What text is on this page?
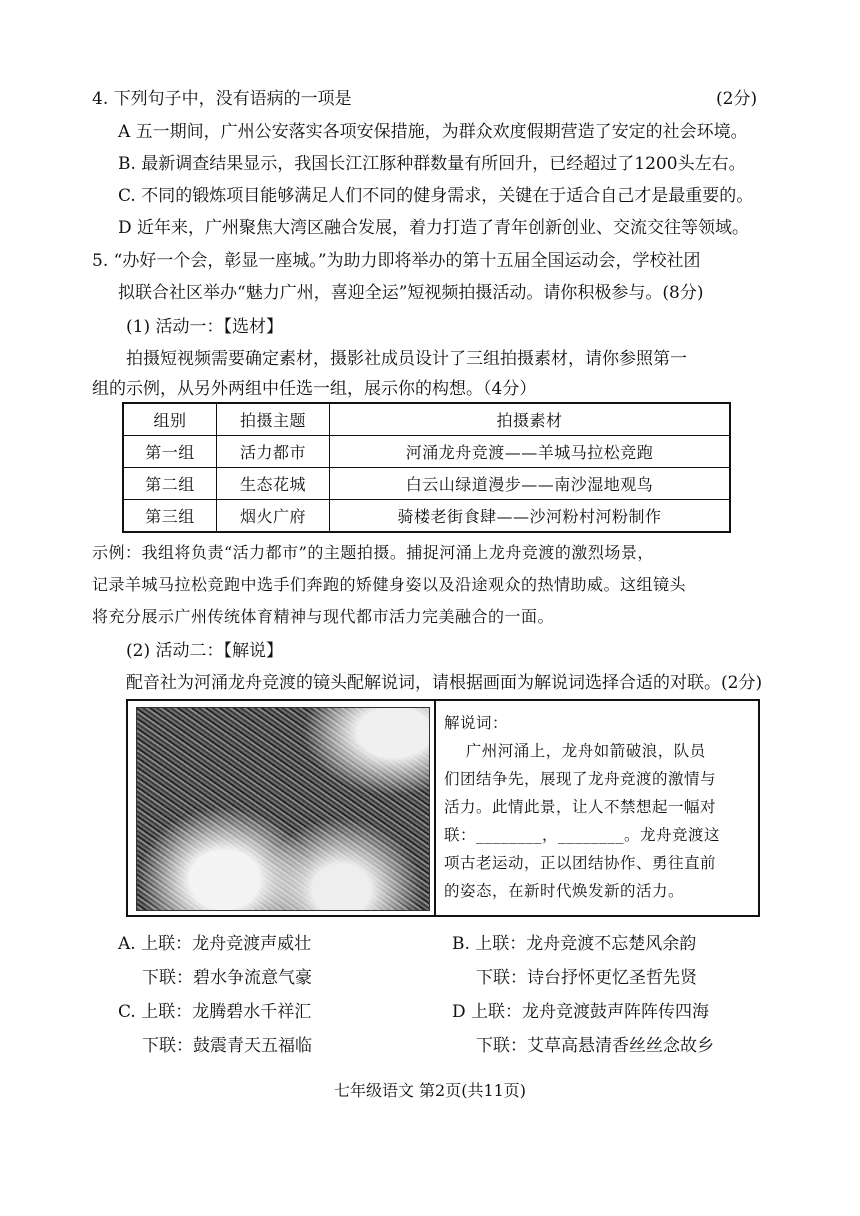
4. 下列句子中，没有语病的一项是	(2分)
A 五一期间，广州公安落实各项安保措施，为群众欢度假期营造了安定的社会环境。
B. 最新调查结果显示，我国长江江豚种群数量有所回升，已经超过了1200头左右。
C. 不同的锻炼项目能够满足人们不同的健身需求，关键在于适合自己才是最重要的。
D 近年来，广州聚焦大湾区融合发展，着力打造了青年创新创业、交流交往等领域。
5. “办好一个会，彰显一座城。”为助力即将举办的第十五届全国运动会，学校社团
拟联合社区举办“魅力广州，喜迎全运”短视频拍摄活动。请你积极参与。(8分)
(1) 活动一：【选材】
拍摄短视频需要确定素材，摄影社成员设计了三组拍摄素材，请你参照第一
组的示例，从另外两组中任选一组，展示你的构想。（4分）
组别	拍摄主题	拍摄素材
第一组	活力都市	河涌龙舟竞渡——羊城马拉松竞跑
第二组	生态花城	白云山绿道漫步——南沙湿地观鸟
第三组	烟火广府	骑楼老街食肆——沙河粉村河粉制作
示例：我组将负责“活力都市”的主题拍摄。捕捉河涌上龙舟竞渡的激烈场景，
记录羊城马拉松竞跑中选手们奔跑的矫健身姿以及沿途观众的热情助威。这组镜头
将充分展示广州传统体育精神与现代都市活力完美融合的一面。
(2) 活动二：【解说】
配音社为河涌龙舟竞渡的镜头配解说词，请根据画面为解说词选择合适的对联。(2分)
解说词：
广州河涌上，龙舟如箭破浪，队员
们团结争先，展现了龙舟竞渡的激情与
活力。此情此景，让人不禁想起一幅对
联：________，________。龙舟竞渡这
项古老运动，正以团结协作、勇往直前
的姿态，在新时代焕发新的活力。
A. 上联：龙舟竞渡声威壮
下联：碧水争流意气豪
B. 上联：龙舟竞渡不忘楚风余韵
下联：诗台抒怀更忆圣哲先贤
C. 上联：龙腾碧水千祥汇
下联：鼓震青天五福临
D 上联：龙舟竞渡鼓声阵阵传四海
下联：艾草高悬清香丝丝念故乡
七年级语文 第2页(共11页)
